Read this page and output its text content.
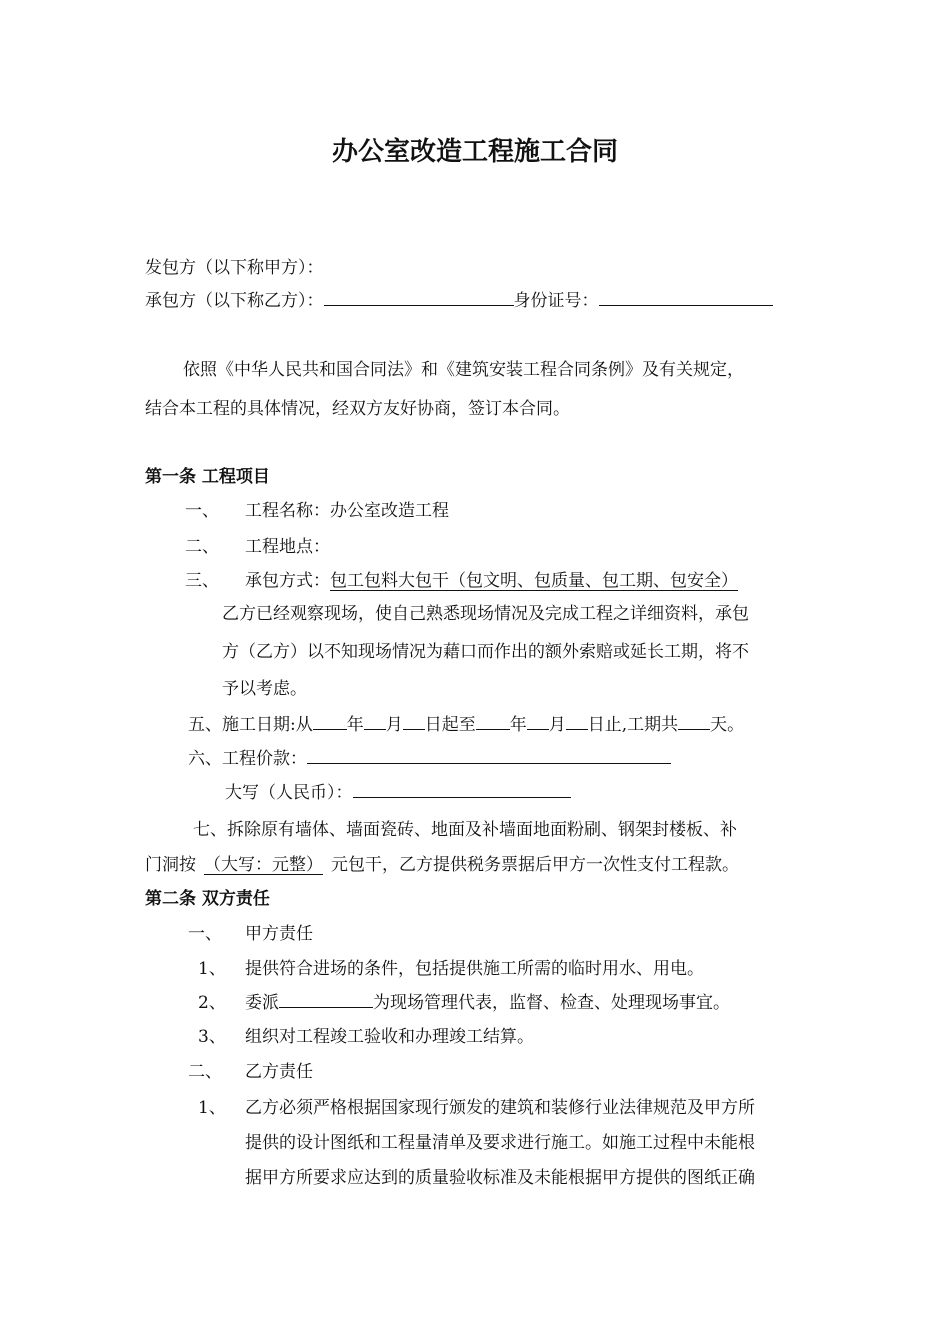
办公室改造工程施工合同
发包方（以下称甲方）：
承包方（以下称乙方）：	身份证号：
依照《中华人民共和国合同法》和《建筑安装工程合同条例》及有关规定，
结合本工程的具体情况，经双方友好协商，签订本合同。
第一条 工程项目
一、 工程名称：办公室改造工程
二、 工程地点：
三、 承包方式：包工包料大包干（包文明、包质量、包工期、包安全）
乙方已经观察现场，使自己熟悉现场情况及完成工程之详细资料，承包
方（乙方）以不知现场情况为藉口而作出的额外索赔或延长工期，将不
予以考虑。
五、施工日期:从 年 月 日起至 年 月 日止,工期共 天。
六、工程价款：
大写（人民币）：
七、拆除原有墙体、墙面瓷砖、地面及补墙面地面粉刷、钢架封楼板、补
门洞按 （大写：元整） 元包干，乙方提供税务票据后甲方一次性支付工程款。
第二条 双方责任
一、 甲方责任
1、 提供符合进场的条件，包括提供施工所需的临时用水、用电。
2、 委派	为现场管理代表，监督、检查、处理现场事宜。
3、 组织对工程竣工验收和办理竣工结算。
二、 乙方责任
1、 乙方必须严格根据国家现行颁发的建筑和装修行业法律规范及甲方所
提供的设计图纸和工程量清单及要求进行施工。如施工过程中未能根
据甲方所要求应达到的质量验收标准及未能根据甲方提供的图纸正确
